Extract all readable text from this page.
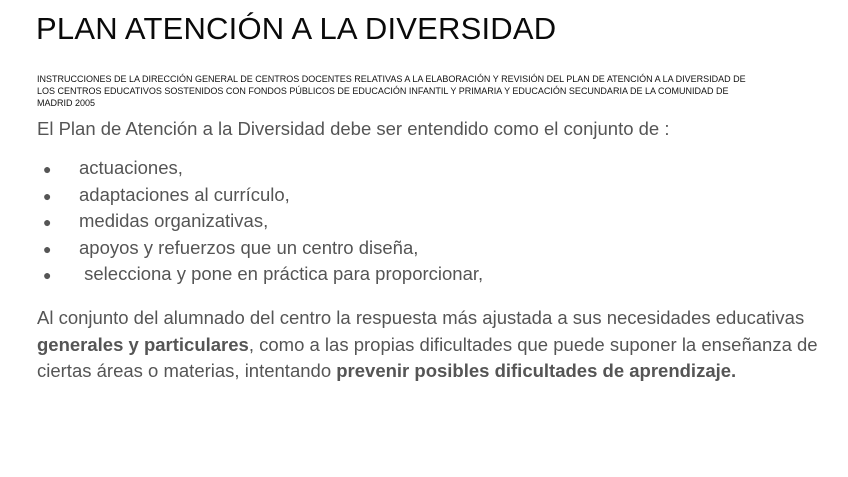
PLAN ATENCIÓN A LA DIVERSIDAD

INSTRUCCIONES DE LA DIRECCIÓN GENERAL DE CENTROS DOCENTES RELATIVAS A LA ELABORACIÓN Y REVISIÓN DEL PLAN DE ATENCIÓN A LA DIVERSIDAD DE LOS CENTROS EDUCATIVOS SOSTENIDOS CON FONDOS PÚBLICOS DE EDUCACIÓN INFANTIL Y PRIMARIA Y EDUCACIÓN SECUNDARIA DE LA COMUNIDAD DE MADRID 2005

El Plan de Atención a la Diversidad debe ser entendido como el conjunto de :

● actuaciones,
● adaptaciones al currículo,
● medidas organizativas,
● apoyos y refuerzos que un centro diseña,
● selecciona y pone en práctica para proporcionar,

Al conjunto del alumnado del centro la respuesta más ajustada a sus necesidades educativas generales y particulares, como a las propias dificultades que puede suponer la enseñanza de ciertas áreas o materias, intentando prevenir posibles dificultades de aprendizaje.
